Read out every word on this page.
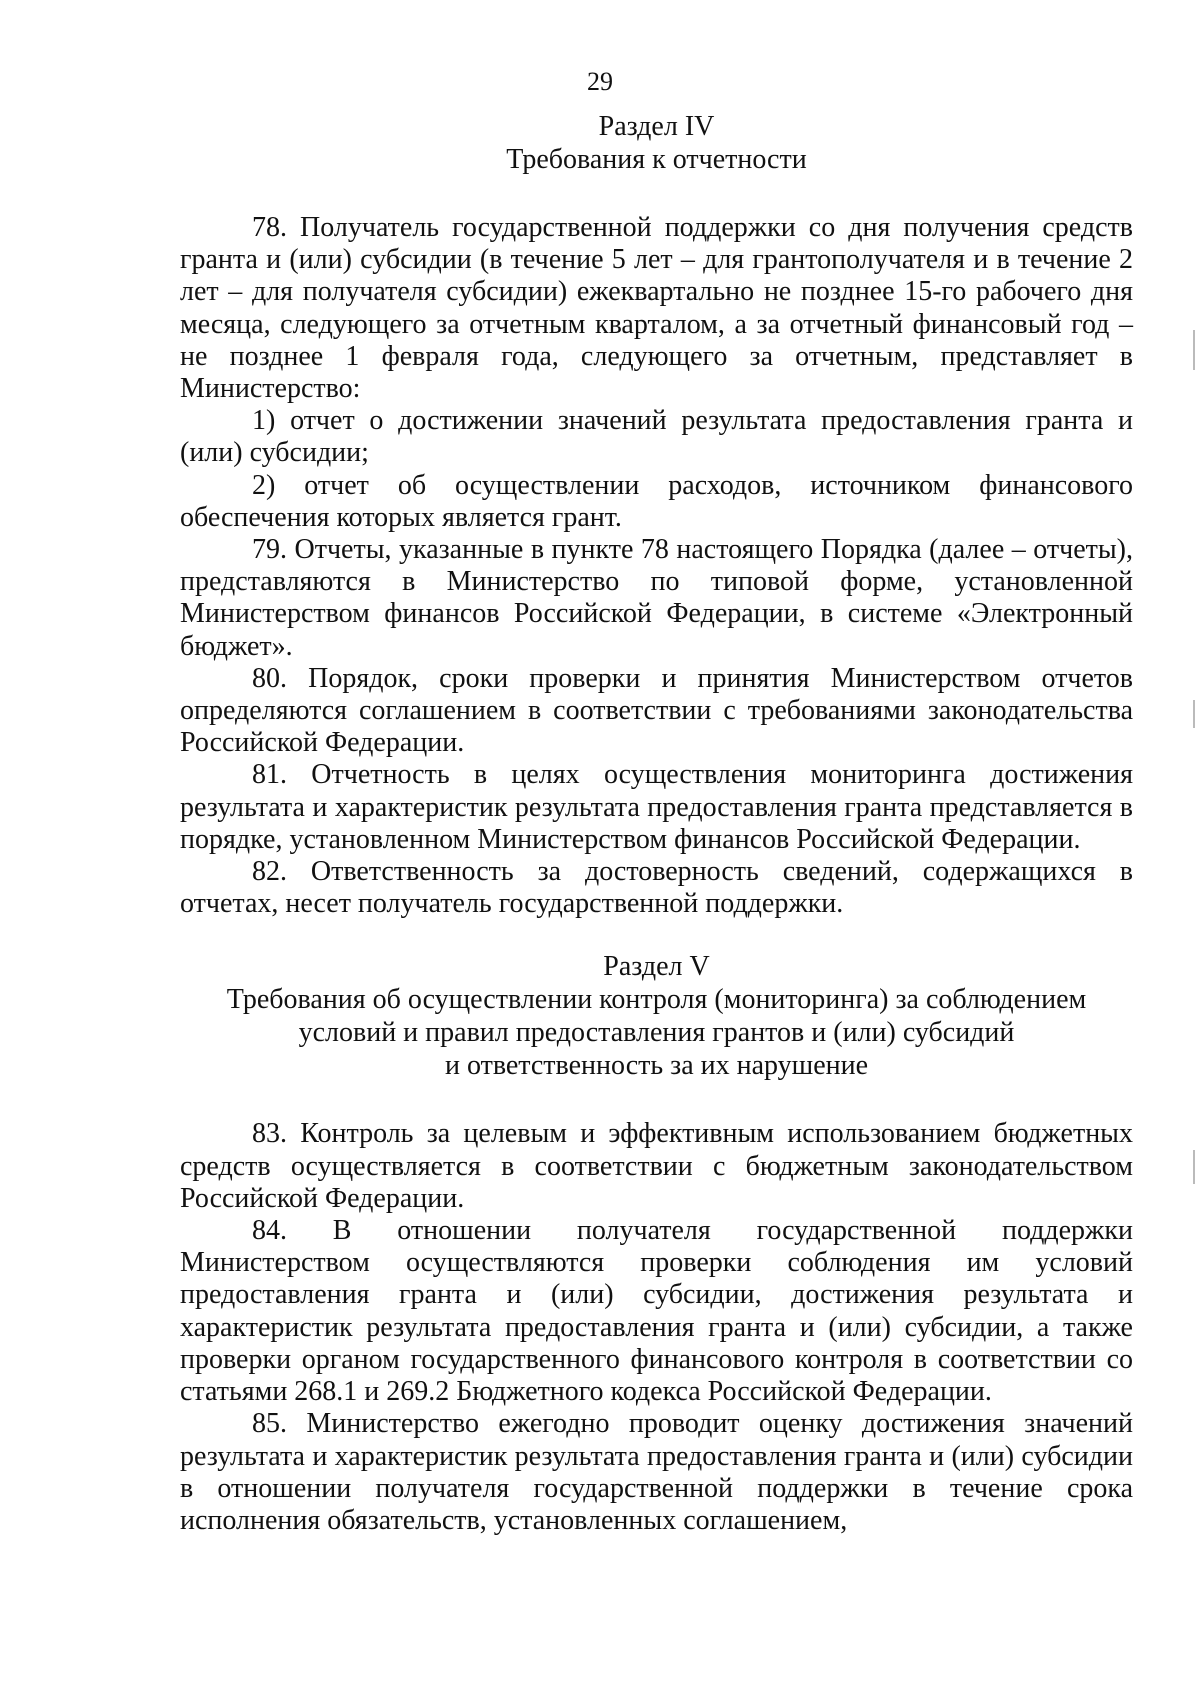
29
Раздел IV
Требования к отчетности

78. Получатель государственной поддержки со дня получения средств гранта и (или) субсидии (в течение 5 лет – для грантополучателя и в течение 2 лет – для получателя субсидии) ежеквартально не позднее 15-го рабочего дня месяца, следующего за отчетным кварталом, а за отчетный финансовый год – не позднее 1 февраля года, следующего за отчетным, представляет в Министерство:

1) отчет о достижении значений результата предоставления гранта и (или) субсидии;

2) отчет об осуществлении расходов, источником финансового обеспечения которых является грант.

79. Отчеты, указанные в пункте 78 настоящего Порядка (далее – отчеты), представляются в Министерство по типовой форме, установленной Министерством финансов Российской Федерации, в системе «Электронный бюджет».

80. Порядок, сроки проверки и принятия Министерством отчетов определяются соглашением в соответствии с требованиями законодательства Российской Федерации.

81. Отчетность в целях осуществления мониторинга достижения результата и характеристик результата предоставления гранта представляется в порядке, установленном Министерством финансов Российской Федерации.

82. Ответственность за достоверность сведений, содержащихся в отчетах, несет получатель государственной поддержки.

Раздел V
Требования об осуществлении контроля (мониторинга) за соблюдением
условий и правил предоставления грантов и (или) субсидий
и ответственность за их нарушение

83. Контроль за целевым и эффективным использованием бюджетных средств осуществляется в соответствии с бюджетным законодательством Российской Федерации.

84. В отношении получателя государственной поддержки Министерством осуществляются проверки соблюдения им условий предоставления гранта и (или) субсидии, достижения результата и характеристик результата предоставления гранта и (или) субсидии, а также проверки органом государственного финансового контроля в соответствии со статьями 268.1 и 269.2 Бюджетного кодекса Российской Федерации.

85. Министерство ежегодно проводит оценку достижения значений результата и характеристик результата предоставления гранта и (или) субсидии в отношении получателя государственной поддержки в течение срока исполнения обязательств, установленных соглашением,
